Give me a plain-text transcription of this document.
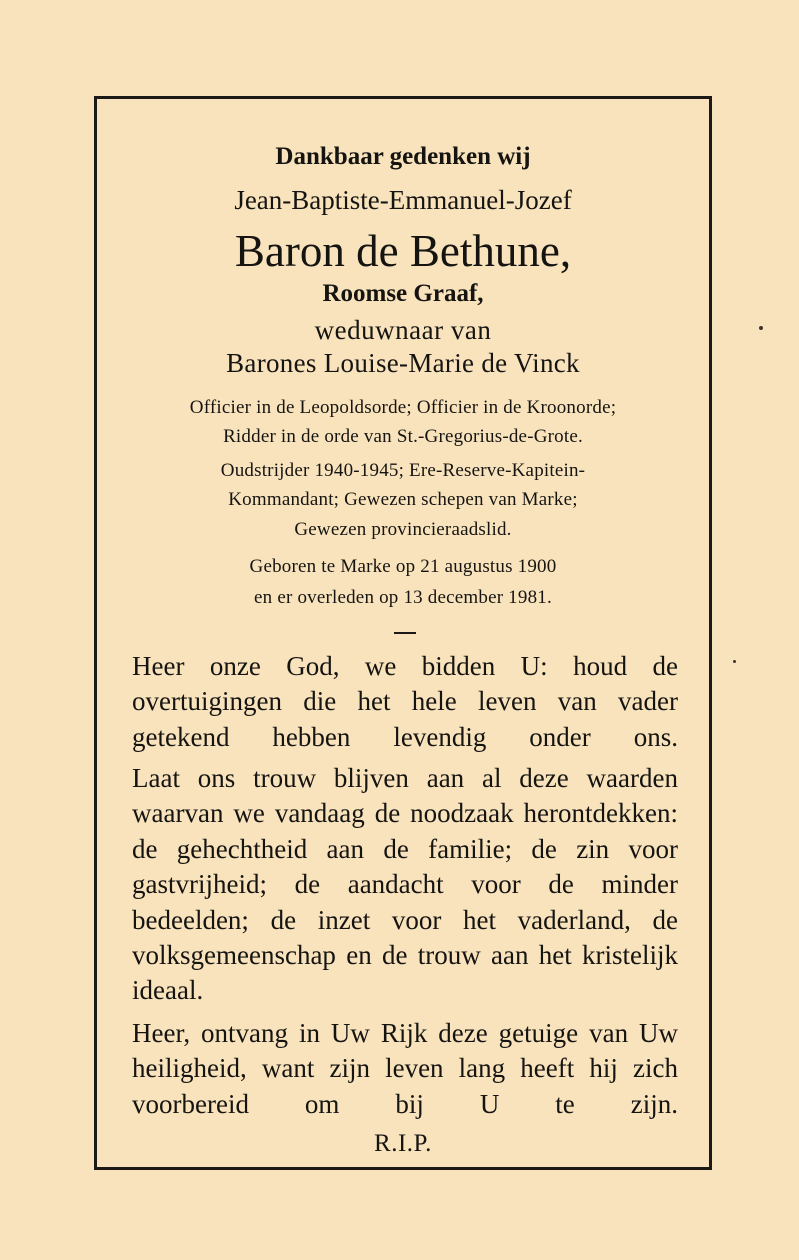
Dankbaar gedenken wij
Jean-Baptiste-Emmanuel-Jozef
Baron de Bethune,
Roomse Graaf,
weduwnaar van
Barones Louise-Marie de Vinck
Officier in de Leopoldsorde; Officier in de Kroonorde;
Ridder in de orde van St.-Gregorius-de-Grote.
Oudstrijder 1940-1945; Ere-Reserve-Kapitein-
Kommandant; Gewezen schepen van Marke;
Gewezen provincieraadslid.
Geboren te Marke op 21 augustus 1900
en er overleden op 13 december 1981.

Heer onze God, we bidden U: houd de overtuigingen die het hele leven van vader getekend hebben levendig onder ons.

Laat ons trouw blijven aan al deze waarden waarvan we vandaag de noodzaak herontdekken: de gehechtheid aan de familie; de zin voor gastvrijheid; de aandacht voor de minder bedeelden; de inzet voor het vaderland, de volksgemeenschap en de trouw aan het kristelijk ideaal.

Heer, ontvang in Uw Rijk deze getuige van Uw heiligheid, want zijn leven lang heeft hij zich voorbereid om bij U te zijn.

R.I.P.
